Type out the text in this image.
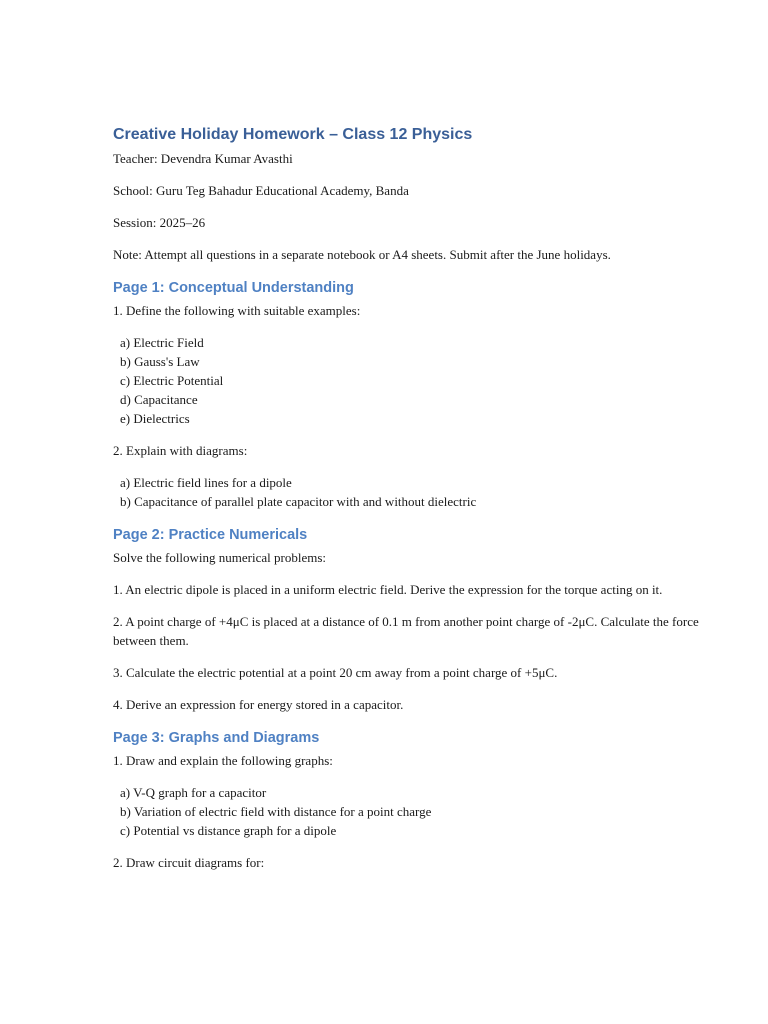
Creative Holiday Homework – Class 12 Physics

Teacher: Devendra Kumar Avasthi

School: Guru Teg Bahadur Educational Academy, Banda

Session: 2025–26

Note: Attempt all questions in a separate notebook or A4 sheets. Submit after the June holidays.

Page 1: Conceptual Understanding

1. Define the following with suitable examples:

a) Electric Field
b) Gauss's Law
c) Electric Potential
d) Capacitance
e) Dielectrics

2. Explain with diagrams:

a) Electric field lines for a dipole
b) Capacitance of parallel plate capacitor with and without dielectric
Page 2: Practice Numericals

Solve the following numerical problems:

1. An electric dipole is placed in a uniform electric field. Derive the expression for the torque acting on it.

2. A point charge of +4μC is placed at a distance of 0.1 m from another point charge of -2μC. Calculate the force between them.

3. Calculate the electric potential at a point 20 cm away from a point charge of +5μC.

4. Derive an expression for energy stored in a capacitor.

Page 3: Graphs and Diagrams

1. Draw and explain the following graphs:

a) V-Q graph for a capacitor
b) Variation of electric field with distance for a point charge
c) Potential vs distance graph for a dipole

2. Draw circuit diagrams for:
